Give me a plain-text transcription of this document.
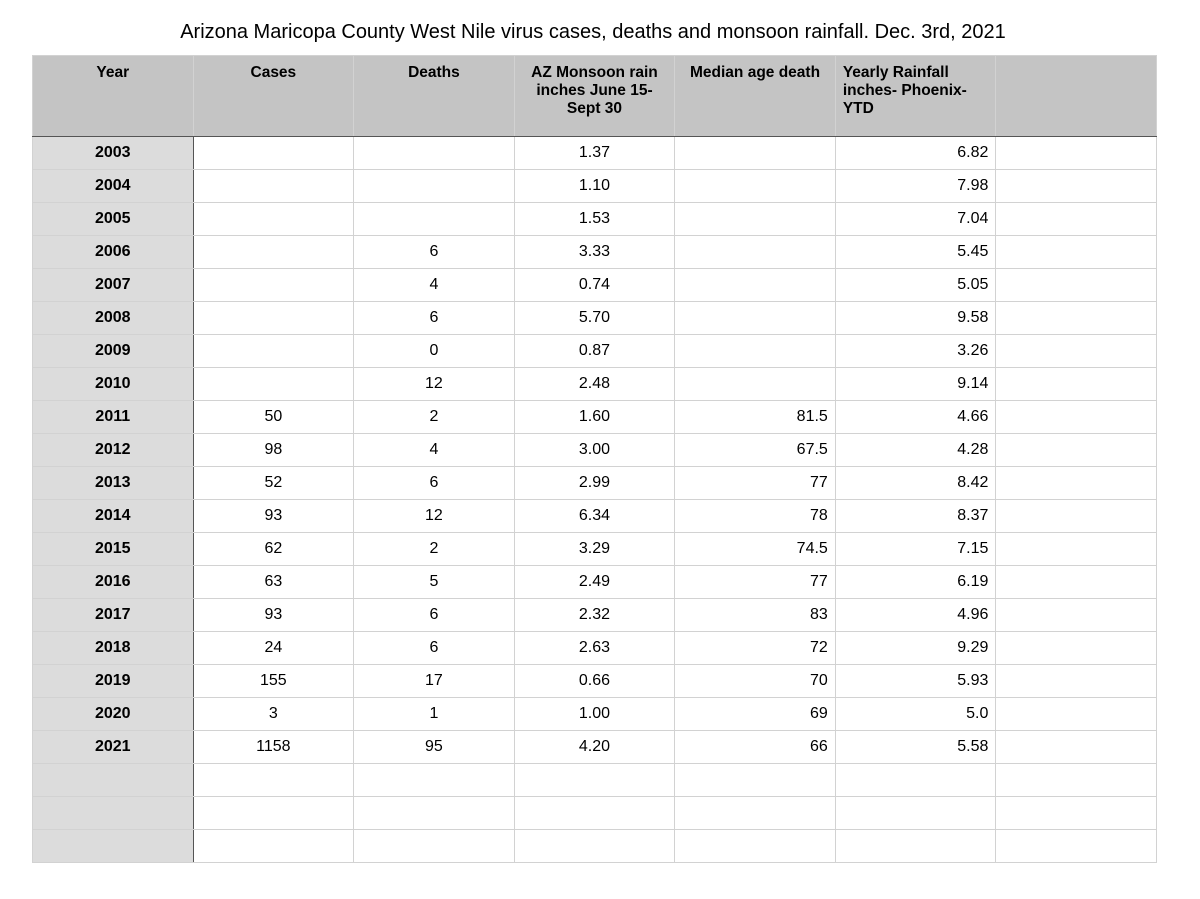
Arizona Maricopa County West Nile virus cases, deaths and monsoon rainfall. Dec. 3rd, 2021
Year	Cases	Deaths	AZ Monsoon rain inches June 15-Sept 30	Median age death	Yearly Rainfall inches- Phoenix- YTD	
2003			1.37		6.82	
2004			1.10		7.98	
2005			1.53		7.04	
2006		6	3.33		5.45	
2007		4	0.74		5.05	
2008		6	5.70		9.58	
2009		0	0.87		3.26	
2010		12	2.48		9.14	
2011	50	2	1.60	81.5	4.66	
2012	98	4	3.00	67.5	4.28	
2013	52	6	2.99	77	8.42	
2014	93	12	6.34	78	8.37	
2015	62	2	3.29	74.5	7.15	
2016	63	5	2.49	77	6.19	
2017	93	6	2.32	83	4.96	
2018	24	6	2.63	72	9.29	
2019	155	17	0.66	70	5.93	
2020	3	1	1.00	69	5.0	
2021	1158	95	4.20	66	5.58	
